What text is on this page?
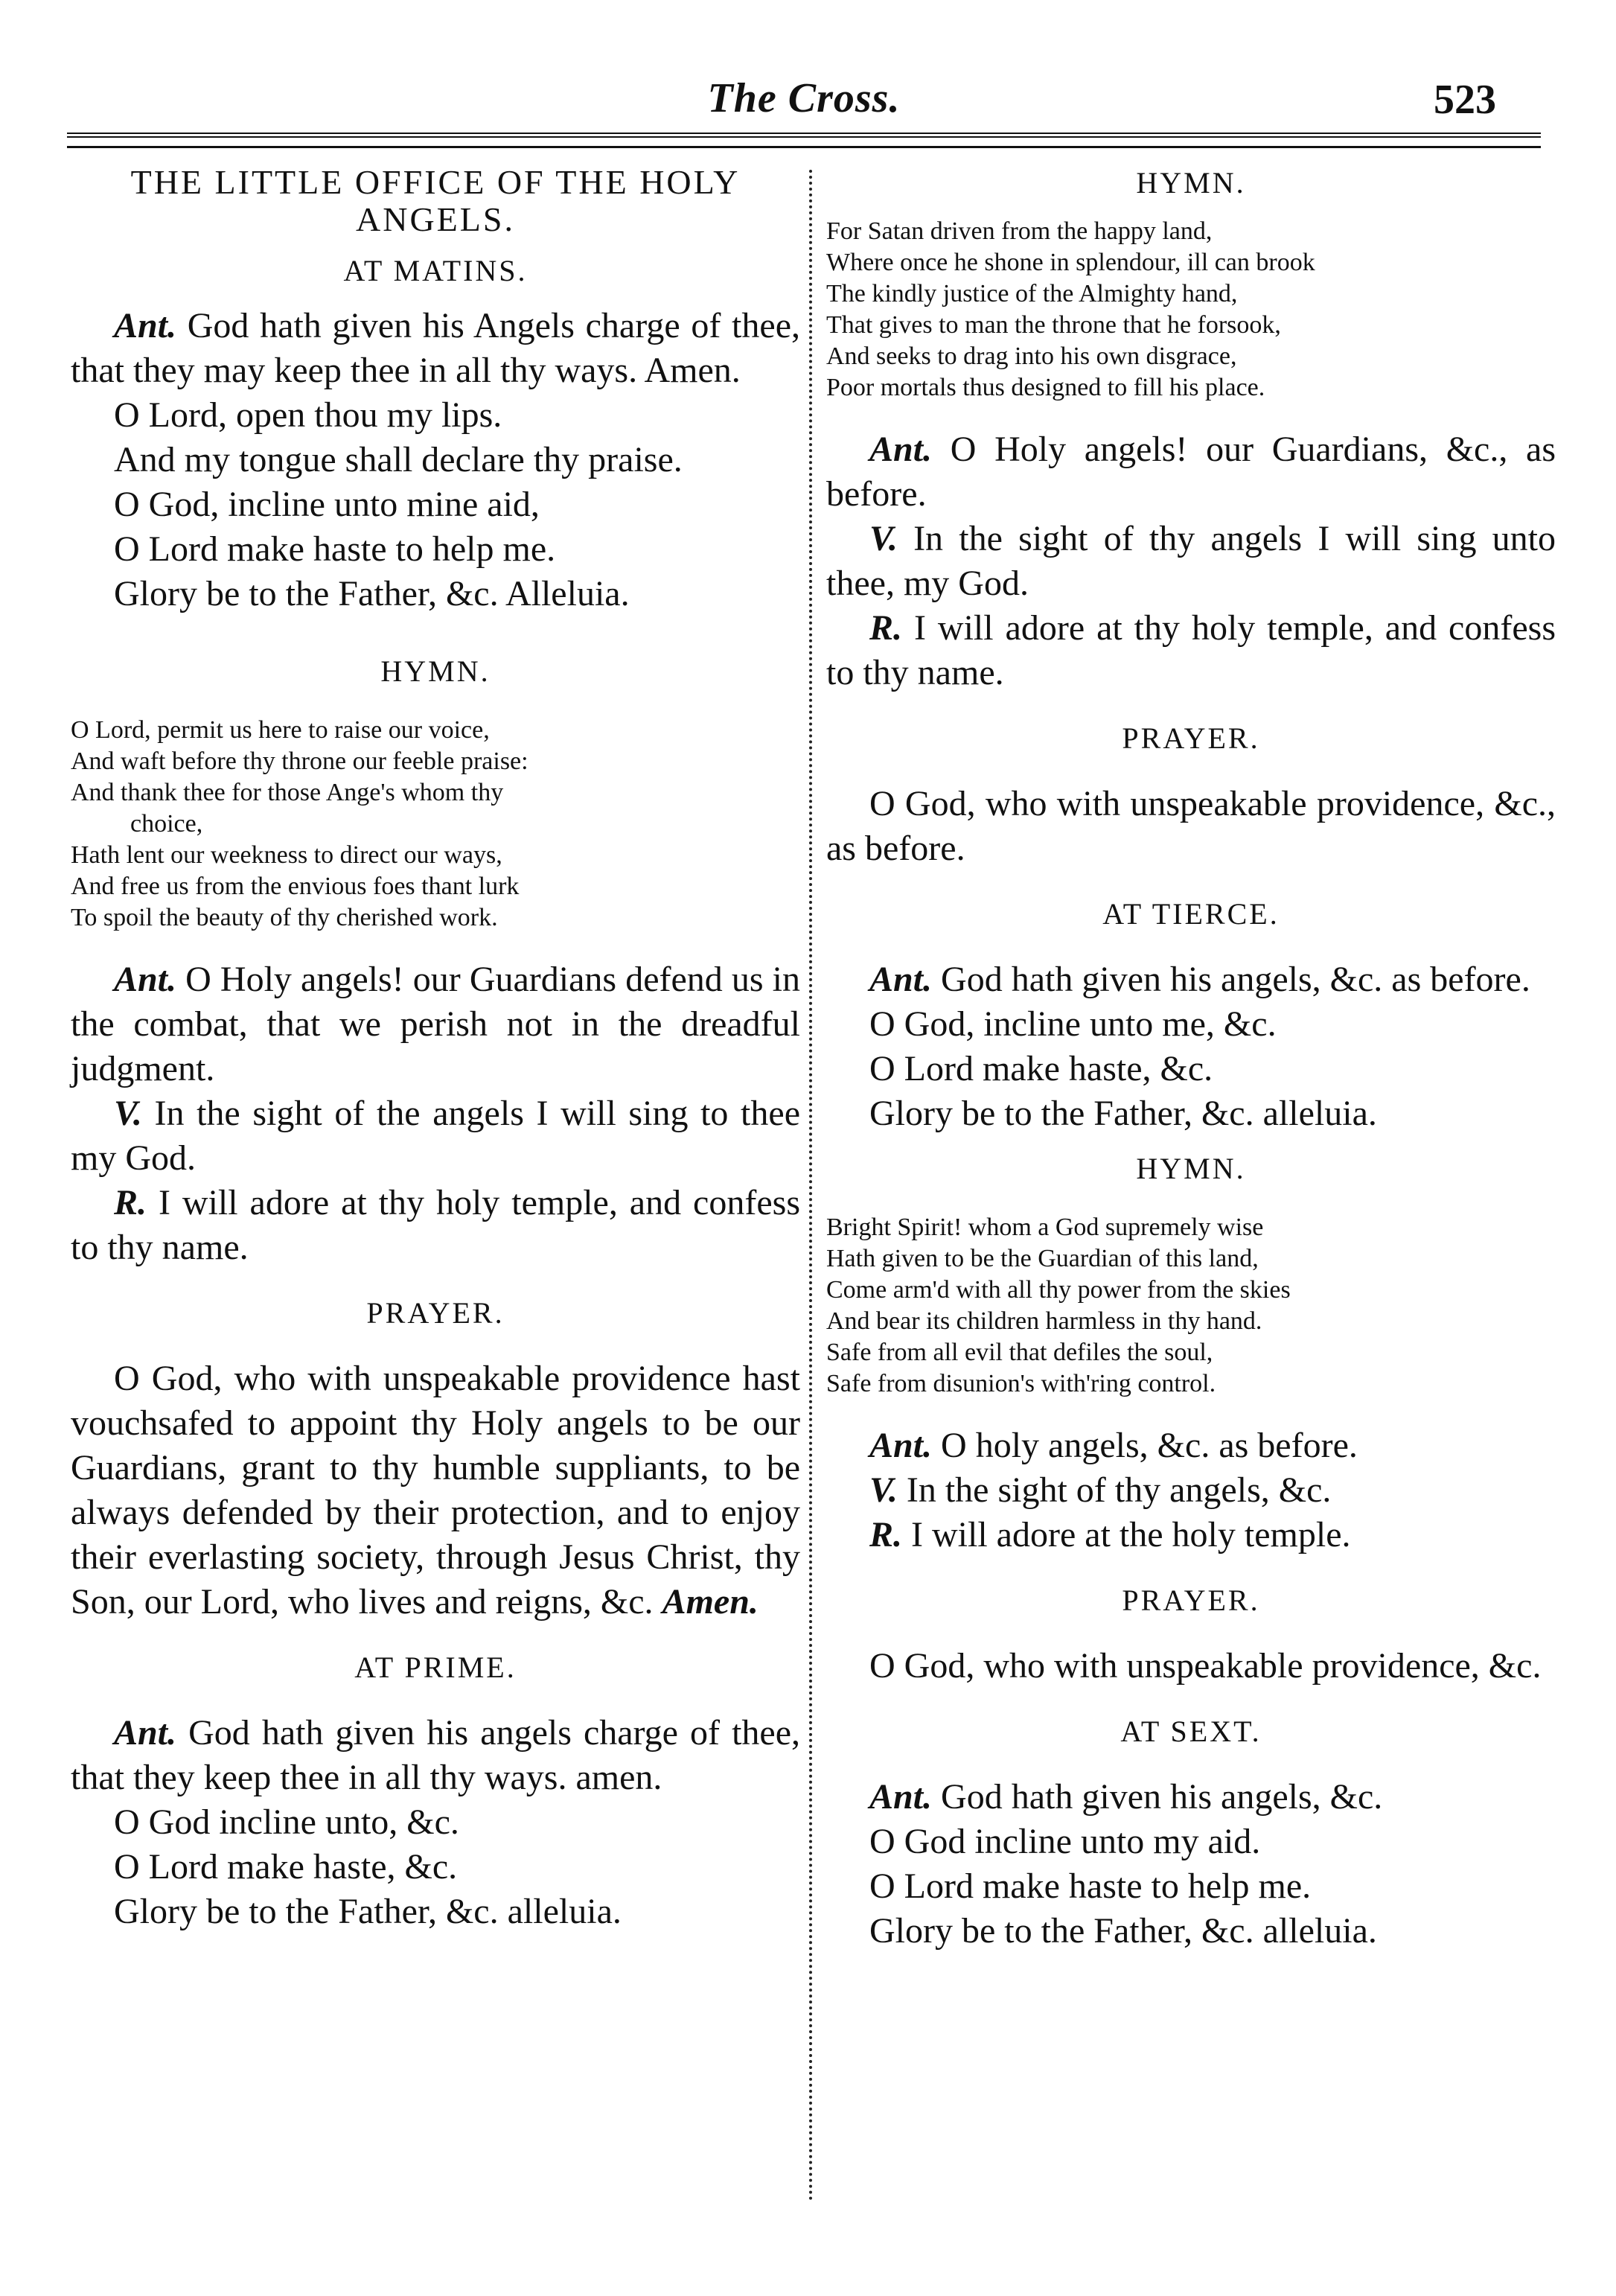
The Cross.	523
THE LITTLE OFFICE OF THE HOLY
ANGELS.
AT MATINS.

Ant. God hath given his Angels charge of thee, that they may keep thee in all thy ways. Amen.

O Lord, open thou my lips.

And my tongue shall declare thy praise.

O God, incline unto mine aid,

O Lord make haste to help me.

Glory be to the Father, &c. Alleluia.

HYMN.
O Lord, permit us here to raise our voice,
And waft before thy throne our feeble praise:
And thank thee for those Ange's whom thy
choice,
Hath lent our weekness to direct our ways,
And free us from the envious foes thant lurk
To spoil the beauty of thy cherished work.

Ant. O Holy angels! our Guardians defend us in the combat, that we perish not in the dreadful judgment.

V. In the sight of the angels I will sing to thee my God.

R. I will adore at thy holy temple, and confess to thy name.

PRAYER.

O God, who with unspeakable providence hast vouchsafed to appoint thy Holy angels to be our Guardians, grant to thy humble suppliants, to be always defended by their protection, and to enjoy their everlasting society, through Jesus Christ, thy Son, our Lord, who lives and reigns, &c. Amen.

AT PRIME.

Ant. God hath given his angels charge of thee, that they keep thee in all thy ways. amen.

O God incline unto, &c.

O Lord make haste, &c.

Glory be to the Father, &c. alleluia.

HYMN.
For Satan driven from the happy land,
Where once he shone in splendour, ill can brook
The kindly justice of the Almighty hand,
That gives to man the throne that he forsook,
And seeks to drag into his own disgrace,
Poor mortals thus designed to fill his place.

Ant. O Holy angels! our Guardians, &c., as before.

V. In the sight of thy angels I will sing unto thee, my God.

R. I will adore at thy holy temple, and confess to thy name.

PRAYER.

O God, who with unspeakable providence, &c., as before.

AT TIERCE.

Ant. God hath given his angels, &c. as before.

O God, incline unto me, &c.

O Lord make haste, &c.

Glory be to the Father, &c. alleluia.

HYMN.
Bright Spirit! whom a God supremely wise
Hath given to be the Guardian of this land,
Come arm'd with all thy power from the skies
And bear its children harmless in thy hand.
Safe from all evil that defiles the soul,
Safe from disunion's with'ring control.

Ant. O holy angels, &c. as before.

V. In the sight of thy angels, &c.

R. I will adore at the holy temple.

PRAYER.

O God, who with unspeakable providence, &c.

AT SEXT.

Ant. God hath given his angels, &c.

O God incline unto my aid.

O Lord make haste to help me.

Glory be to the Father, &c. alleluia.
